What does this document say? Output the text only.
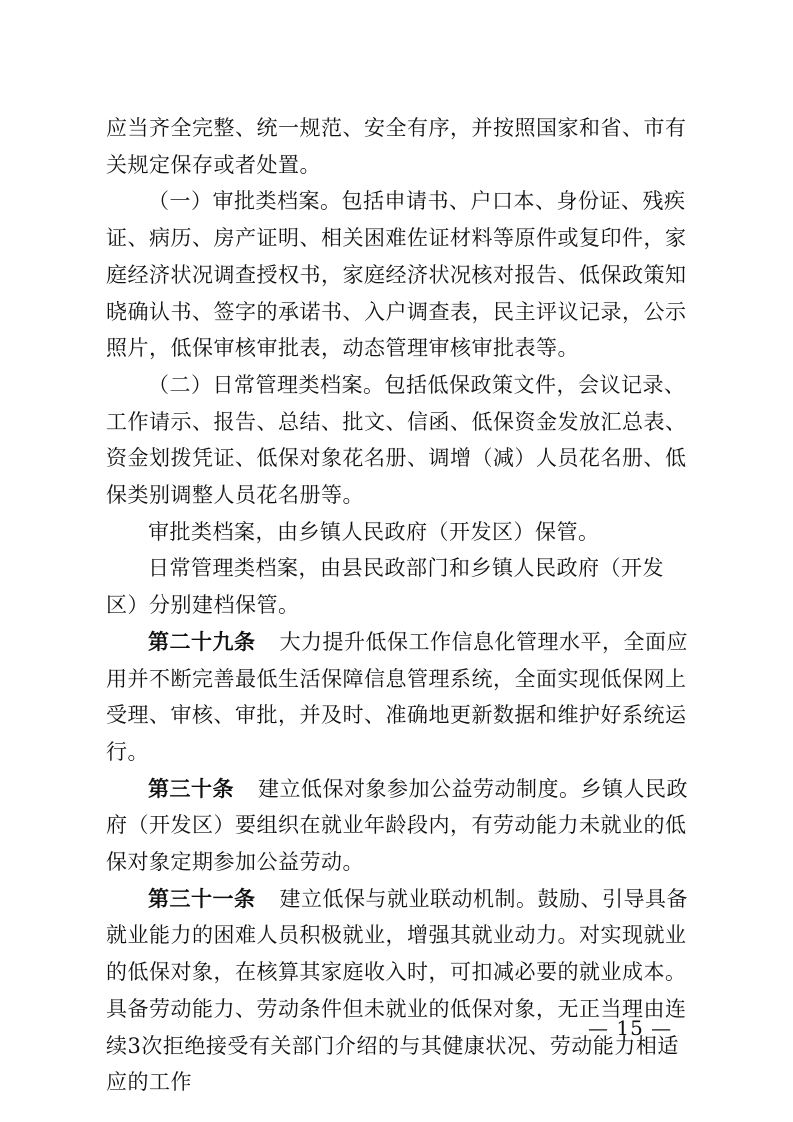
应当齐全完整、统一规范、安全有序，并按照国家和省、市有关规定保存或者处置。

（一）审批类档案。包括申请书、户口本、身份证、残疾证、病历、房产证明、相关困难佐证材料等原件或复印件，家庭经济状况调查授权书，家庭经济状况核对报告、低保政策知晓确认书、签字的承诺书、入户调查表，民主评议记录，公示照片，低保审核审批表，动态管理审核审批表等。

（二）日常管理类档案。包括低保政策文件，会议记录、工作请示、报告、总结、批文、信函、低保资金发放汇总表、资金划拨凭证、低保对象花名册、调增（减）人员花名册、低保类别调整人员花名册等。

审批类档案，由乡镇人民政府（开发区）保管。

日常管理类档案，由县民政部门和乡镇人民政府（开发区）分别建档保管。

第二十九条 大力提升低保工作信息化管理水平，全面应用并不断完善最低生活保障信息管理系统，全面实现低保网上受理、审核、审批，并及时、准确地更新数据和维护好系统运行。

第三十条 建立低保对象参加公益劳动制度。乡镇人民政府（开发区）要组织在就业年龄段内，有劳动能力未就业的低保对象定期参加公益劳动。

第三十一条 建立低保与就业联动机制。鼓励、引导具备就业能力的困难人员积极就业，增强其就业动力。对实现就业的低保对象，在核算其家庭收入时，可扣减必要的就业成本。具备劳动能力、劳动条件但未就业的低保对象，无正当理由连续3次拒绝接受有关部门介绍的与其健康状况、劳动能力相适应的工作

— 15 —
